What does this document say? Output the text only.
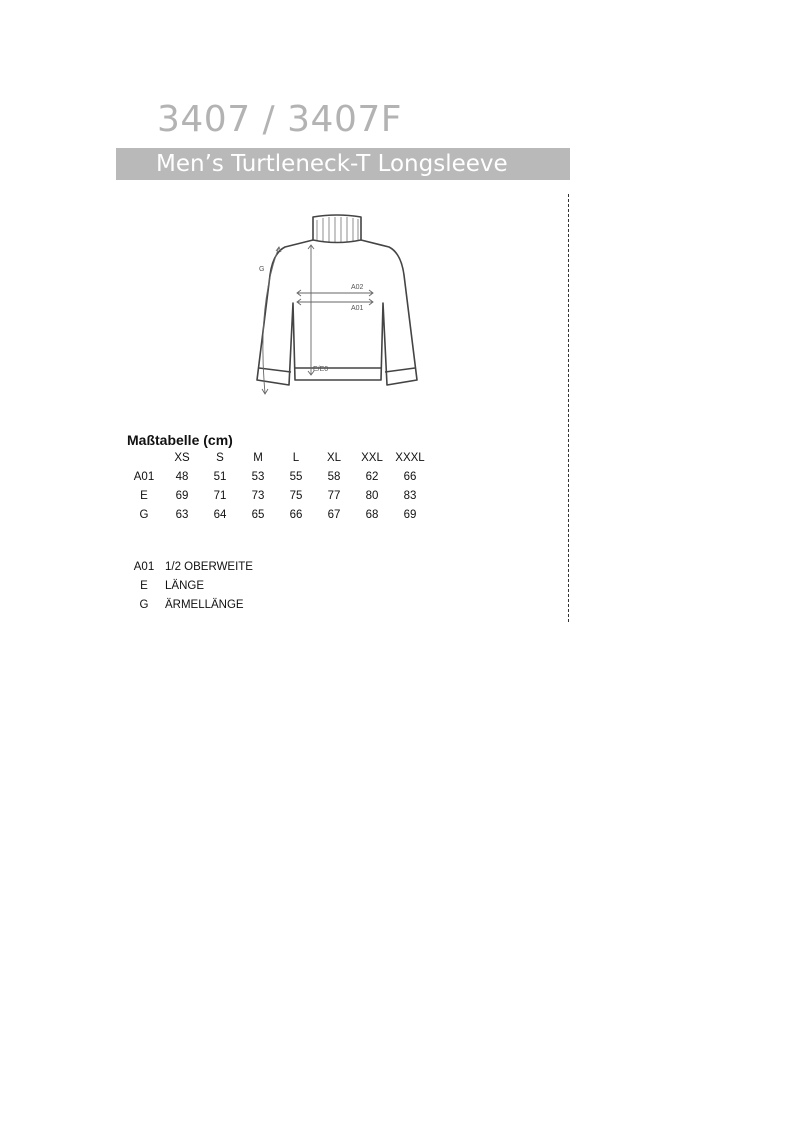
3407 / 3407F
Men’s Turtleneck-T Longsleeve
A02
A01
E/E0
G
Maßtabelle (cm)
	XS	S	M	L	XL	XXL	XXXL
A01	48	51	53	55	58	62	66
E	69	71	73	75	77	80	83
G	63	64	65	66	67	68	69
A01 1/2 OBERWEITE
E	LÄNGE
G	ÄRMELLÄNGE
